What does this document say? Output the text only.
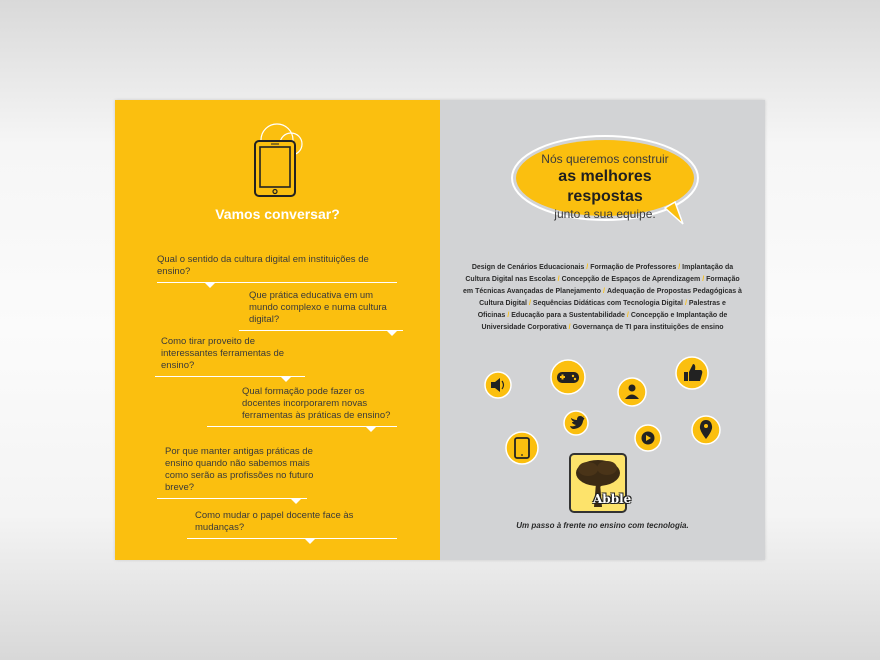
Vamos conversar?
Qual o sentido da cultura digital em instituições de ensino?
Que prática educativa em um mundo complexo e numa cultura digital?
Como tirar proveito de interessantes ferramentas de ensino?
Qual formação pode fazer os docentes incorporarem novas ferramentas às práticas de ensino?
Por que manter antigas práticas de ensino quando não sabemos mais como serão as profissões no futuro breve?
Como mudar o papel docente face às mudanças?
Nós queremos construir
as melhores respostas
junto a sua equipe.
Design de Cenários Educacionais / Formação de Professores / Implantação da Cultura Digital nas Escolas / Concepção de Espaços de Aprendizagem / Formação em Técnicas Avançadas de Planejamento / Adequação de Propostas Pedagógicas à Cultura Digital / Sequências Didáticas com Tecnologia Digital / Palestras e Oficinas / Educação para a Sustentabilidade / Concepção e Implantação de Universidade Corporativa / Governança de TI para instituições de ensino
Abble
Um passo à frente no ensino com tecnologia.
